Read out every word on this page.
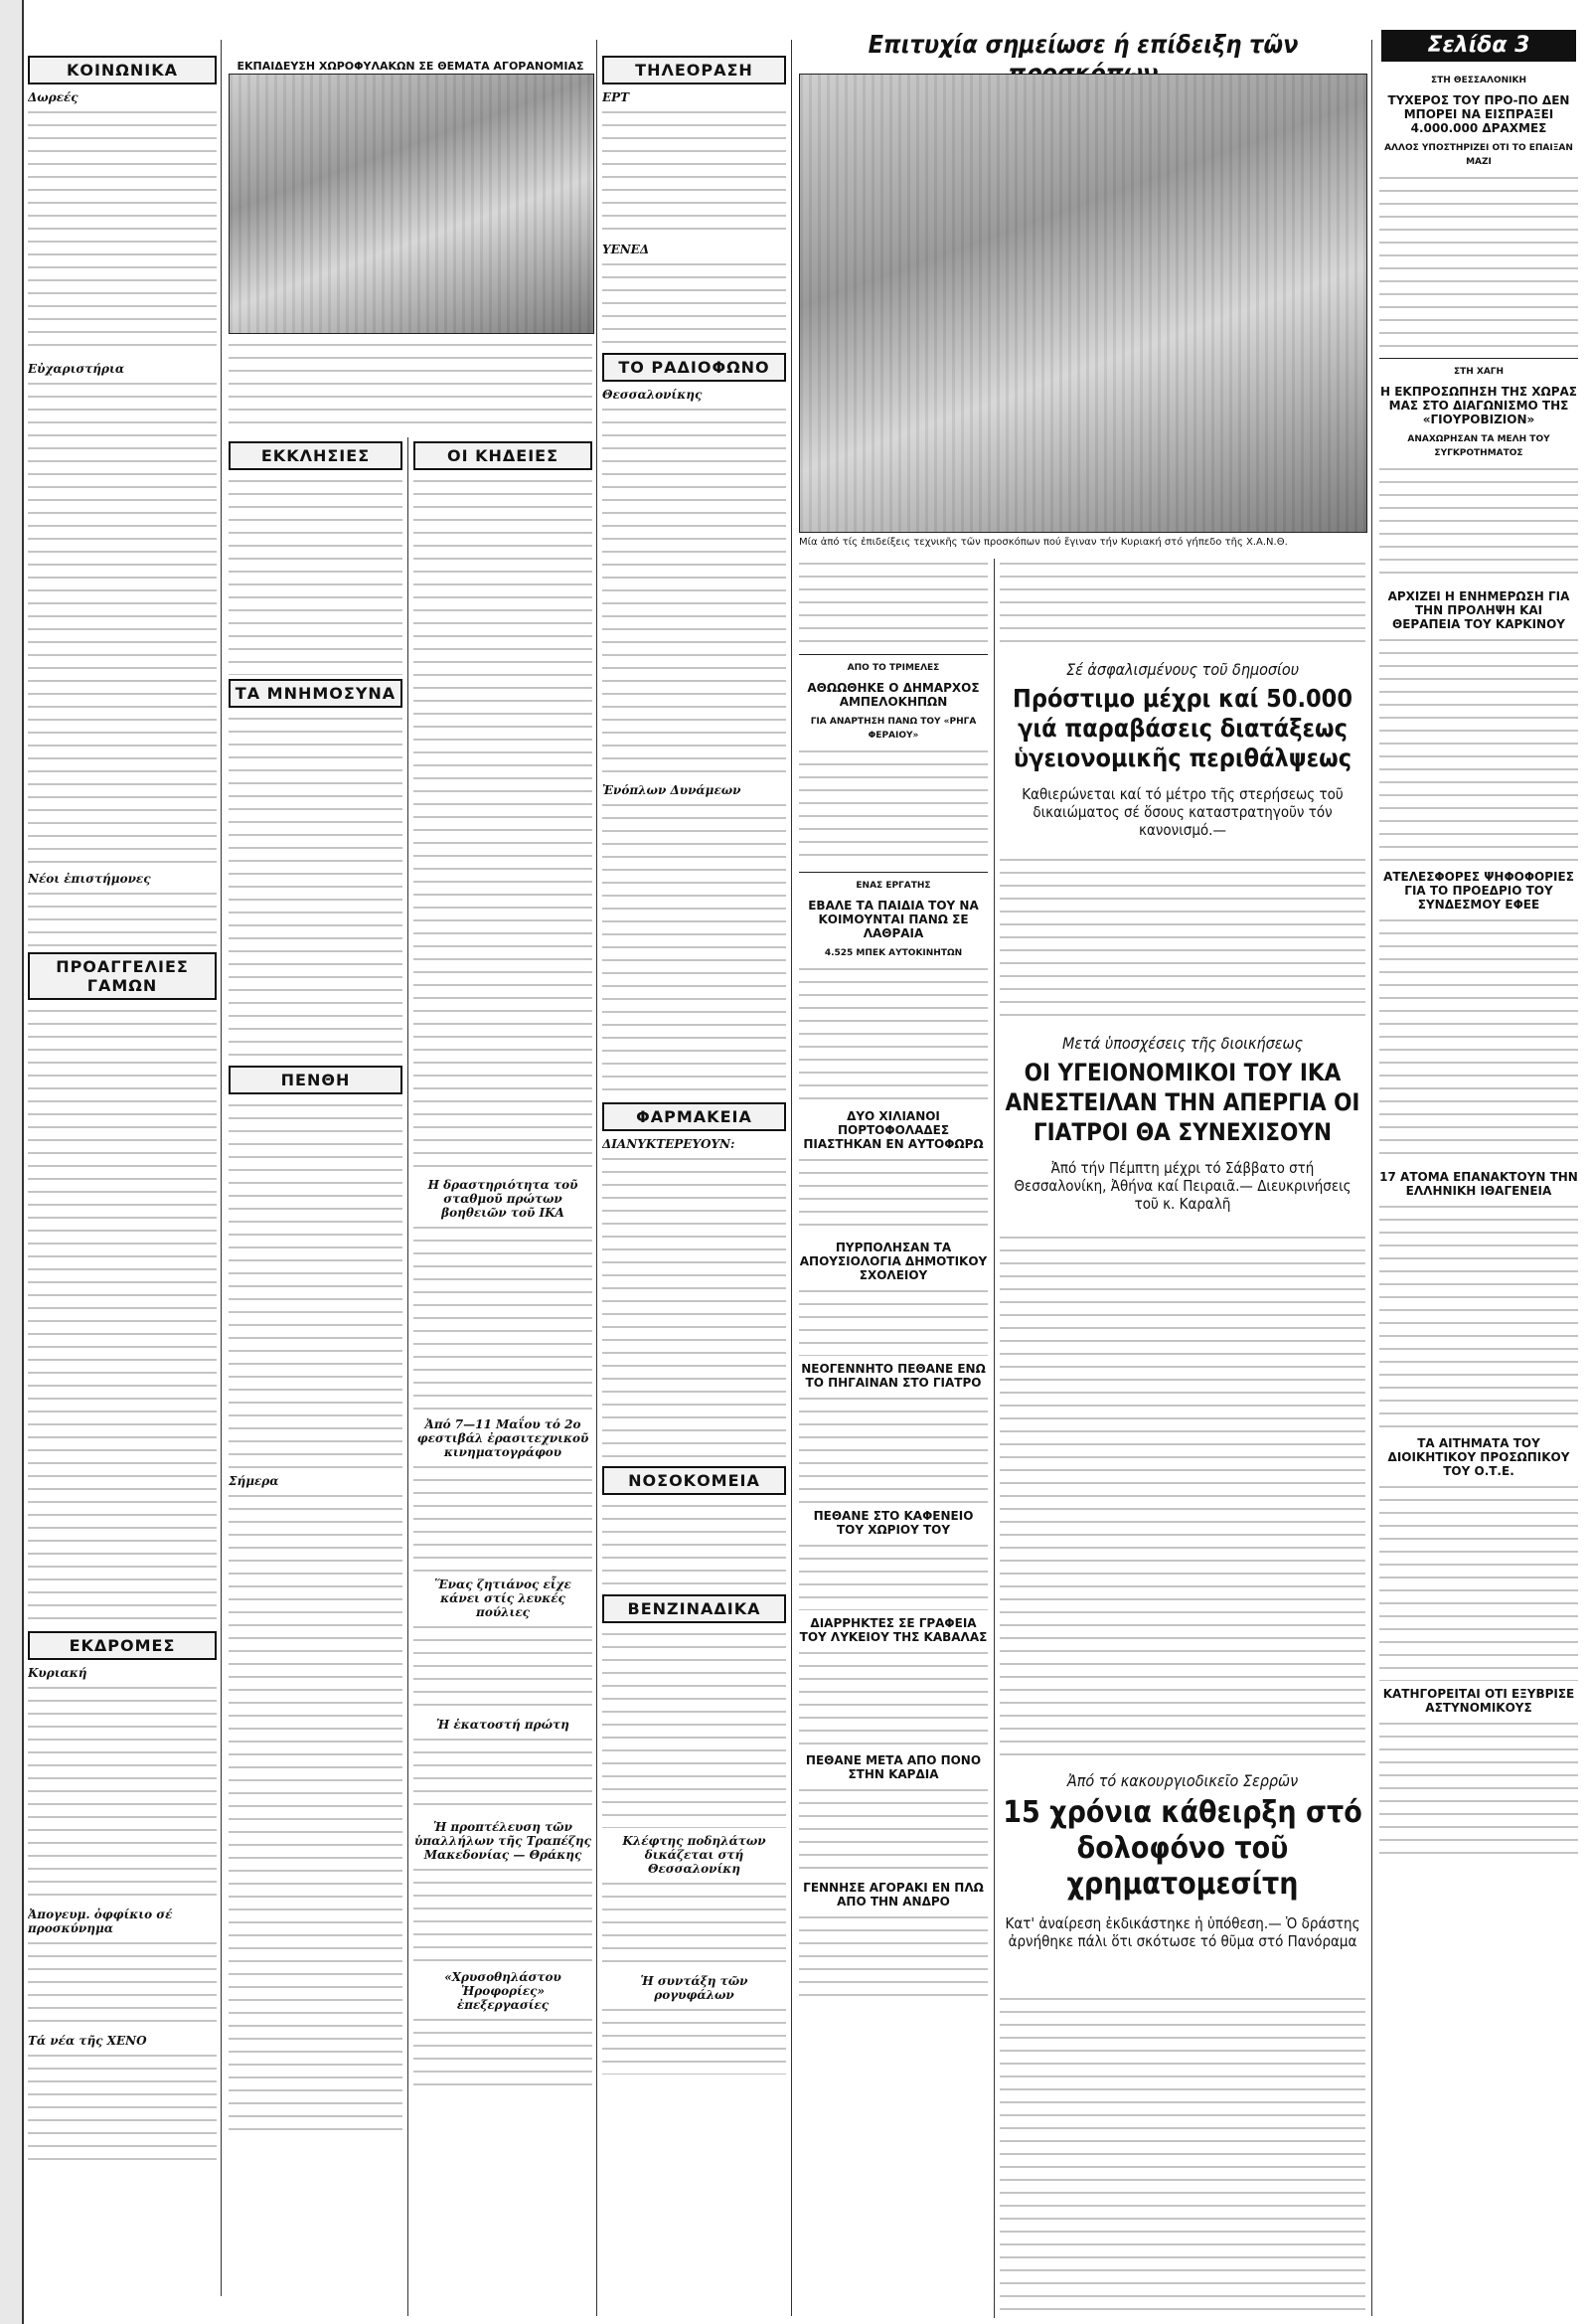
ΚΟΙΝΩΝΙΚΑ
Δωρεές
Εὐχαριστήρια
Νέοι ἐπιστήμονες
ΠΡΟΑΓΓΕΛΙΕΣ ΓΑΜΩΝ
ΕΚΔΡΟΜΕΣ
Κυριακή
Ἀπογευμ. ὀφφίκιο σέ προσκύνημα
Τά νέα τῆς ΧΕΝΟ
ΕΚΠΑΙΔΕΥΣΗ ΧΩΡΟΦΥΛΑΚΩΝ ΣΕ ΘΕΜΑΤΑ ΑΓΟΡΑΝΟΜΙΑΣ
ΕΚΚΛΗΣΙΕΣ
ΤΑ ΜΝΗΜΟΣΥΝΑ
ΠΕΝΘΗ
Σήμερα
ΟΙ ΚΗΔΕΙΕΣ
Η δραστηριότητα τοῦ σταθμοῦ πρώτων βοηθειῶν τοῦ ΙΚΑ
Ἀπό 7—11 Μαΐου τό 2ο φεστιβάλ ἐρασιτεχνικοῦ κινηματογράφου
Ἕνας ζητιάνος εἶχε κάνει στίς λευκές πούλιες
Ἡ ἑκατοστή πρώτη
Ἡ προπτέλευση τῶν ὑπαλλήλων τῆς Τραπέζης Μακεδονίας — Θράκης
«Χρυσοθηλάστου Ἠροφορίες» ἐπεξεργασίες
ΤΗΛΕΟΡΑΣΗ
ΕΡΤ
ΥΕΝΕΔ
ΤΟ ΡΑΔΙΟΦΩΝΟ
Θεσσαλονίκης
Ἐνόπλων Δυνάμεων
ΦΑΡΜΑΚΕΙΑ
ΔΙΑΝΥΚΤΕΡΕΥΟΥΝ:
ΝΟΣΟΚΟΜΕΙΑ
ΒΕΝΖΙΝΑΔΙΚΑ
Κλέφτης ποδηλάτων δικάζεται στή Θεσσαλονίκη
Ἡ συντάξη τῶν ρογυφάλων
Επιτυχία σημείωσε ή επίδειξη τῶν	Σελίδα 3
Μία ἀπό τίς ἐπιδείξεις τεχνικῆς τῶν προσκόπων πού ἔγιναν τήν Κυριακή στό γήπεδο τῆς Χ.Α.Ν.Θ.
ΑΠΟ ΤΟ ΤΡΙΜΕΛΕΣ
ΑΘΩΩΘΗΚΕ Ο ΔΗΜΑΡΧΟΣ ΑΜΠΕΛΟΚΗΠΩΝ
ΓΙΑ ΑΝΑΡΤΗΣΗ ΠΑΝΩ ΤΟΥ «ΡΗΓΑ ΦΕΡΑΙΟΥ»
ΕΝΑΣ ΕΡΓΑΤΗΣ
ΕΒΑΛΕ ΤΑ ΠΑΙΔΙΑ ΤΟΥ ΝΑ ΚΟΙΜΟΥΝΤΑΙ ΠΑΝΩ ΣΕ ΛΑΘΡΑΙΑ
4.525 ΜΠΕΚ ΑΥΤΟΚΙΝΗΤΩΝ
ΔΥΟ ΧΙΛΙΑΝΟΙ ΠΟΡΤΟΦΟΛΑΔΕΣ ΠΙΑΣΤΗΚΑΝ ΕΝ ΑΥΤΟΦΩΡΩ
ΠΥΡΠΟΛΗΣΑΝ ΤΑ ΑΠΟΥΣΙΟΛΟΓΙΑ ΔΗΜΟΤΙΚΟΥ ΣΧΟΛΕΙΟΥ
ΝΕΟΓΕΝΝΗΤΟ ΠΕΘΑΝΕ ΕΝΩ ΤΟ ΠΗΓΑΙΝΑΝ ΣΤΟ ΓΙΑΤΡΟ
ΠΕΘΑΝΕ ΣΤΟ ΚΑΦΕΝΕΙΟ ΤΟΥ ΧΩΡΙΟΥ ΤΟΥ
ΔΙΑΡΡΗΚΤΕΣ ΣΕ ΓΡΑΦΕΙΑ ΤΟΥ ΛΥΚΕΙΟΥ ΤΗΣ ΚΑΒΑΛΑΣ
ΠΕΘΑΝΕ ΜΕΤΑ ΑΠΟ ΠΟΝΟ ΣΤΗΝ ΚΑΡΔΙΑ
ΓΕΝΝΗΣΕ ΑΓΟΡΑΚΙ ΕΝ ΠΛΩ ΑΠΟ ΤΗΝ ΑΝΔΡΟ
Σέ ἀσφαλισμένους τοῦ δημοσίου
Πρόστιμο μέχρι καί 50.000 γιά παραβάσεις διατάξεως ὑγειονομικῆς περιθάλψεως
Καθιερώνεται καί τό μέτρο τῆς στερήσεως τοῦ δικαιώματος σέ ὅσους καταστρατηγοῦν τόν κανονισμό.—
Μετά ὑποσχέσεις τῆς διοικήσεως
ΟΙ ΥΓΕΙΟΝΟΜΙΚΟΙ ΤΟΥ ΙΚΑ ΑΝΕΣΤΕΙΛΑΝ ΤΗΝ ΑΠΕΡΓΙΑ ΟΙ ΓΙΑΤΡΟΙ ΘΑ ΣΥΝΕΧΙΣΟΥΝ
Ἀπό τήν Πέμπτη μέχρι τό Σάββατο στή Θεσσαλονίκη, Ἀθήνα καί Πειραιᾶ.— Διευκρινήσεις τοῦ κ. Καραλῆ
Ἀπό τό κακουργιοδικεῖο Σερρῶν
15 χρόνια κάθειρξη στό δολοφόνο τοῦ χρηματομεσίτη
Κατ' ἀναίρεση ἐκδικάστηκε ἡ ὑπόθεση.— Ὁ δράστης ἀρνήθηκε πάλι ὅτι σκότωσε τό θῦμα στό Πανόραμα
ΣΤΗ ΘΕΣΣΑΛΟΝΙΚΗ
ΤΥΧΕΡΟΣ ΤΟΥ ΠΡΟ-ΠΟ ΔΕΝ ΜΠΟΡΕΙ ΝΑ ΕΙΣΠΡΑΞΕΙ 4.000.000 ΔΡΑΧΜΕΣ
ΑΛΛΟΣ ΥΠΟΣΤΗΡΙΖΕΙ ΟΤΙ ΤΟ ΕΠΑΙΞΑΝ ΜΑΖΙ
ΣΤΗ ΧΑΓΗ
Η ΕΚΠΡΟΣΩΠΗΣΗ ΤΗΣ ΧΩΡΑΣ ΜΑΣ ΣΤΟ ΔΙΑΓΩΝΙΣΜΟ ΤΗΣ «ΓΙΟΥΡΟΒΙΖΙΟΝ»
ΑΝΑΧΩΡΗΣΑΝ ΤΑ ΜΕΛΗ ΤΟΥ ΣΥΓΚΡΟΤΗΜΑΤΟΣ
ΑΡΧΙΖΕΙ Η ΕΝΗΜΕΡΩΣΗ ΓΙΑ ΤΗΝ ΠΡΟΛΗΨΗ ΚΑΙ ΘΕΡΑΠΕΙΑ ΤΟΥ ΚΑΡΚΙΝΟΥ
ΑΤΕΛΕΣΦΟΡΕΣ ΨΗΦΟΦΟΡΙΕΣ ΓΙΑ ΤΟ ΠΡΟΕΔΡΙΟ ΤΟΥ ΣΥΝΔΕΣΜΟΥ ΕΦΕΕ
17 ΑΤΟΜΑ ΕΠΑΝΑΚΤΟΥΝ ΤΗΝ ΕΛΛΗΝΙΚΗ ΙΘΑΓΕΝΕΙΑ
ΤΑ ΑΙΤΗΜΑΤΑ ΤΟΥ ΔΙΟΙΚΗΤΙΚΟΥ ΠΡΟΣΩΠΙΚΟΥ ΤΟΥ Ο.Τ.Ε.
ΚΑΤΗΓΟΡΕΙΤΑΙ ΟΤΙ ΕΞΥΒΡΙΣΕ ΑΣΤΥΝΟΜΙΚΟΥΣ
